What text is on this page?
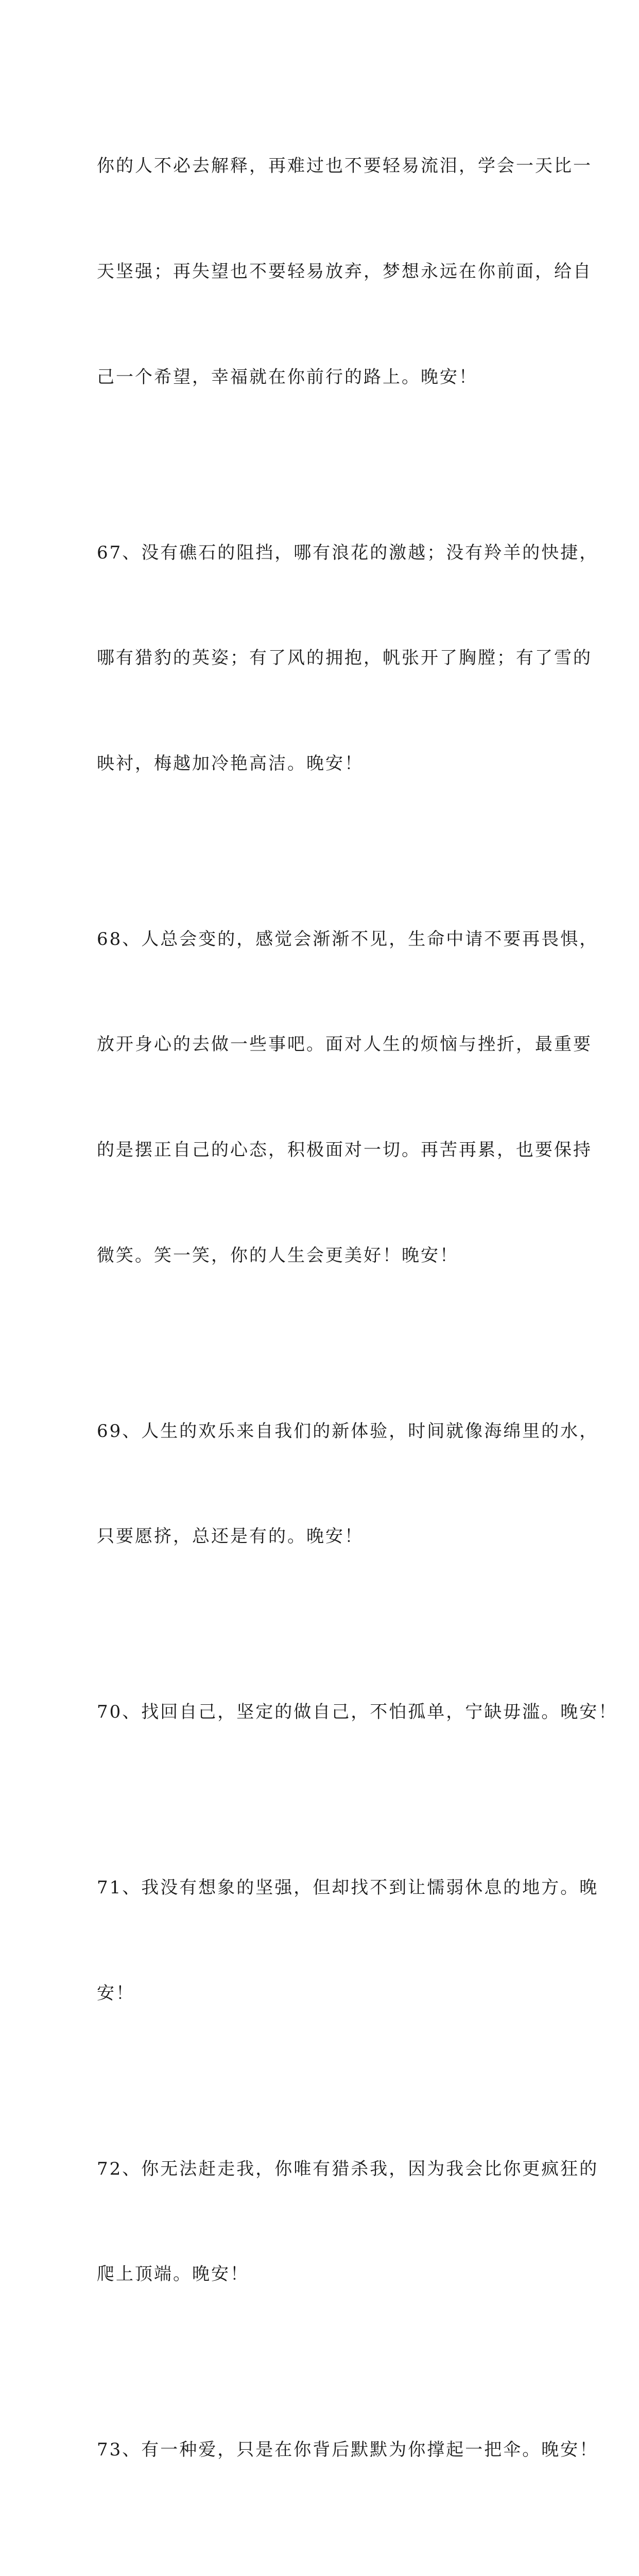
你的人不必去解释，再难过也不要轻易流泪，学会一天比一

天坚强；再失望也不要轻易放弃，梦想永远在你前面，给自

己一个希望，幸福就在你前行的路上。晚安！

67、没有礁石的阻挡，哪有浪花的激越；没有羚羊的快捷，

哪有猎豹的英姿；有了风的拥抱，帆张开了胸膛；有了雪的

映衬，梅越加冷艳高洁。晚安！

68、人总会变的，感觉会渐渐不见，生命中请不要再畏惧，

放开身心的去做一些事吧。面对人生的烦恼与挫折，最重要

的是摆正自己的心态，积极面对一切。再苦再累，也要保持

微笑。笑一笑，你的人生会更美好！晚安！

69、人生的欢乐来自我们的新体验，时间就像海绵里的水，

只要愿挤，总还是有的。晚安！

70、找回自己，坚定的做自己，不怕孤单，宁缺毋滥。晚安！

71、我没有想象的坚强，但却找不到让懦弱休息的地方。晚

安！

72、你无法赶走我，你唯有猎杀我，因为我会比你更疯狂的

爬上顶端。晚安！

73、有一种爱，只是在你背后默默为你撑起一把伞。晚安！
